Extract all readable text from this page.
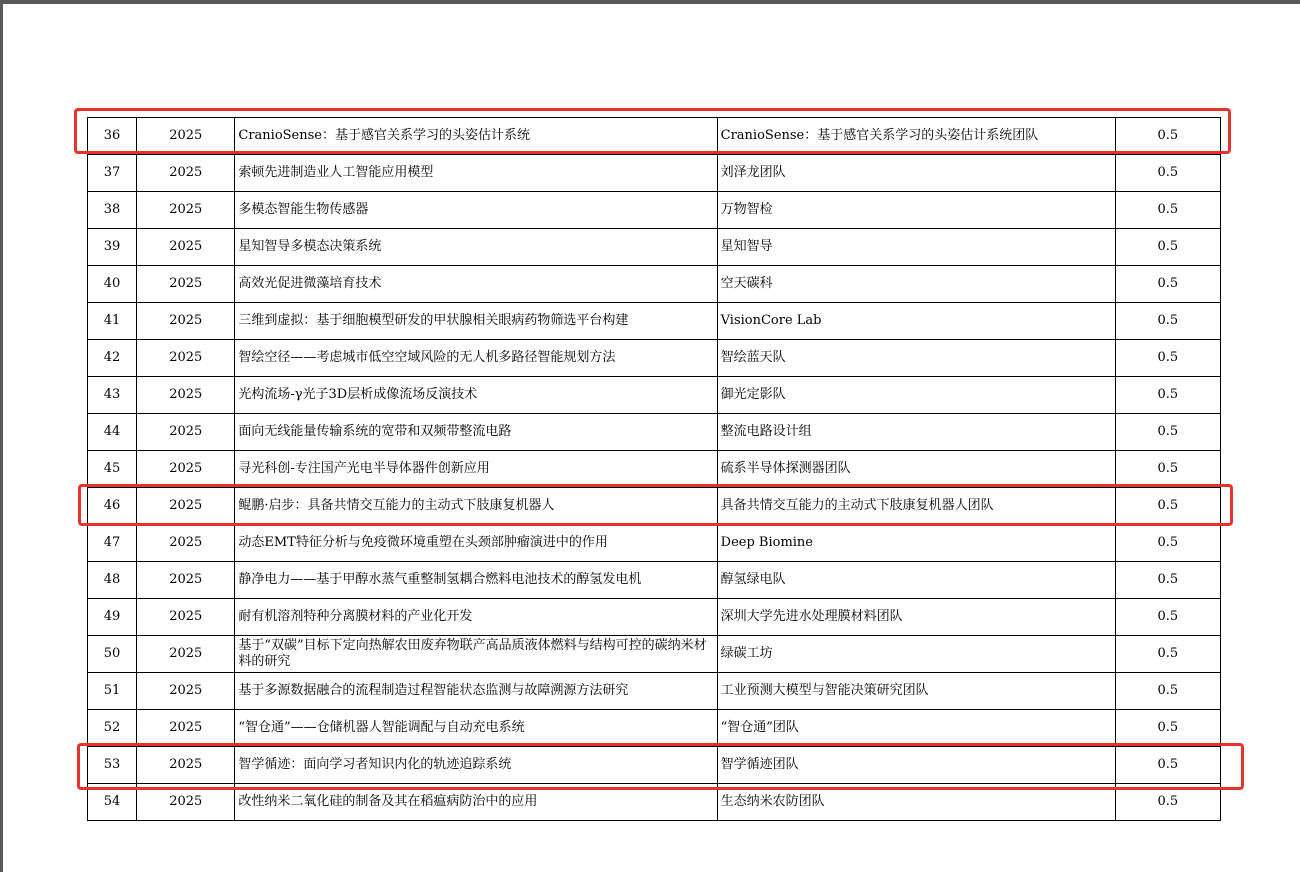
36	2025	CranioSense：基于感官关系学习的头姿估计系统	CranioSense：基于感官关系学习的头姿估计系统团队	0.5
37	2025	索顿先进制造业人工智能应用模型	刘泽龙团队	0.5
38	2025	多模态智能生物传感器	万物智检	0.5
39	2025	星知智导多模态决策系统	星知智导	0.5
40	2025	高效光促进微藻培育技术	空天碳科	0.5
41	2025	三维到虚拟：基于细胞模型研发的甲状腺相关眼病药物筛选平台构建	VisionCore Lab	0.5
42	2025	智绘空径——考虑城市低空空域风险的无人机多路径智能规划方法	智绘蓝天队	0.5
43	2025	光构流场-γ光子3D层析成像流场反演技术	御光定影队	0.5
44	2025	面向无线能量传输系统的宽带和双频带整流电路	整流电路设计组	0.5
45	2025	寻光科创-专注国产光电半导体器件创新应用	硫系半导体探测器团队	0.5
46	2025	鲲鹏·启步：具备共情交互能力的主动式下肢康复机器人	具备共情交互能力的主动式下肢康复机器人团队	0.5
47	2025	动态EMT特征分析与免疫微环境重塑在头颈部肿瘤演进中的作用	Deep Biomine	0.5
48	2025	静净电力——基于甲醇水蒸气重整制氢耦合燃料电池技术的醇氢发电机	醇氢绿电队	0.5
49	2025	耐有机溶剂特种分离膜材料的产业化开发	深圳大学先进水处理膜材料团队	0.5
50	2025	基于“双碳”目标下定向热解农田废弃物联产高品质液体燃料与结构可控的碳纳米材料的研究	绿碳工坊	0.5
51	2025	基于多源数据融合的流程制造过程智能状态监测与故障溯源方法研究	工业预测大模型与智能决策研究团队	0.5
52	2025	“智仓通”——仓储机器人智能调配与自动充电系统	“智仓通”团队	0.5
53	2025	智学循迹：面向学习者知识内化的轨迹追踪系统	智学循迹团队	0.5
54	2025	改性纳米二氧化硅的制备及其在稻瘟病防治中的应用	生态纳米农防团队	0.5
